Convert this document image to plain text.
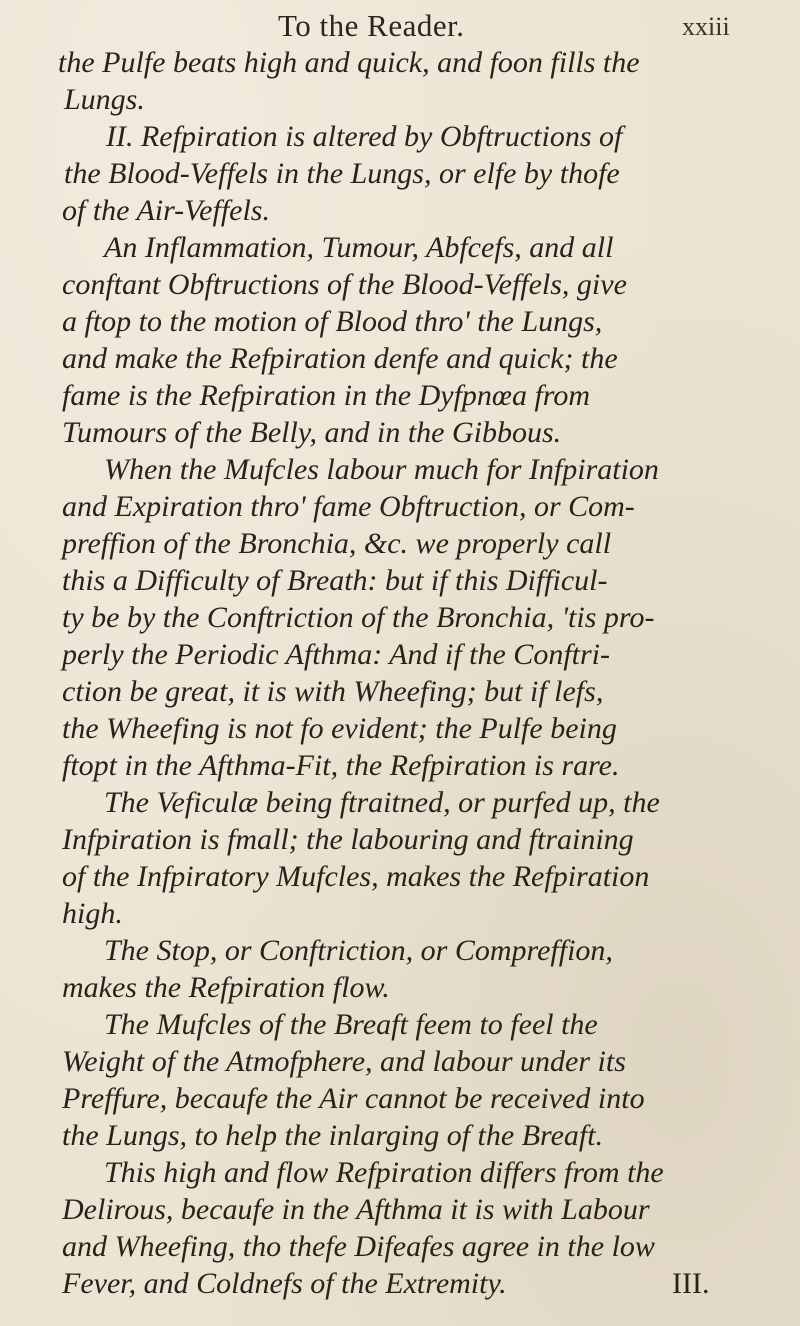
To the Reader.	xxiii
the Pulfe beats high and quick, and foon fills the
Lungs.
II. Refpiration is altered by Obftructions of
the Blood-Veffels in the Lungs, or elfe by thofe
of the Air-Veffels.
An Inflammation, Tumour, Abfcefs, and all
conftant Obftructions of the Blood-Veffels, give
a ftop to the motion of Blood thro' the Lungs,
and make the Refpiration denfe and quick; the
fame is the Refpiration in the Dyfpnœa from
Tumours of the Belly, and in the Gibbous.
When the Mufcles labour much for Infpiration
and Expiration thro' fame Obftruction, or Com-
preffion of the Bronchia, &c. we properly call
this a Difficulty of Breath: but if this Difficul-
ty be by the Conftriction of the Bronchia, 'tis pro-
perly the Periodic Afthma: And if the Conftri-
ction be great, it is with Wheefing; but if lefs,
the Wheefing is not fo evident; the Pulfe being
ftopt in the Afthma-Fit, the Refpiration is rare.
The Veficulæ being ftraitned, or purfed up, the
Infpiration is fmall; the labouring and ftraining
of the Infpiratory Mufcles, makes the Refpiration
high.
The Stop, or Conftriction, or Compreffion,
makes the Refpiration flow.
The Mufcles of the Breaft feem to feel the
Weight of the Atmofphere, and labour under its
Preffure, becaufe the Air cannot be received into
the Lungs, to help the inlarging of the Breaft.
This high and flow Refpiration differs from the
Delirous, becaufe in the Afthma it is with Labour
and Wheefing, tho thefe Difeafes agree in the low
Fever, and Coldnefs of the Extremity.	III.
